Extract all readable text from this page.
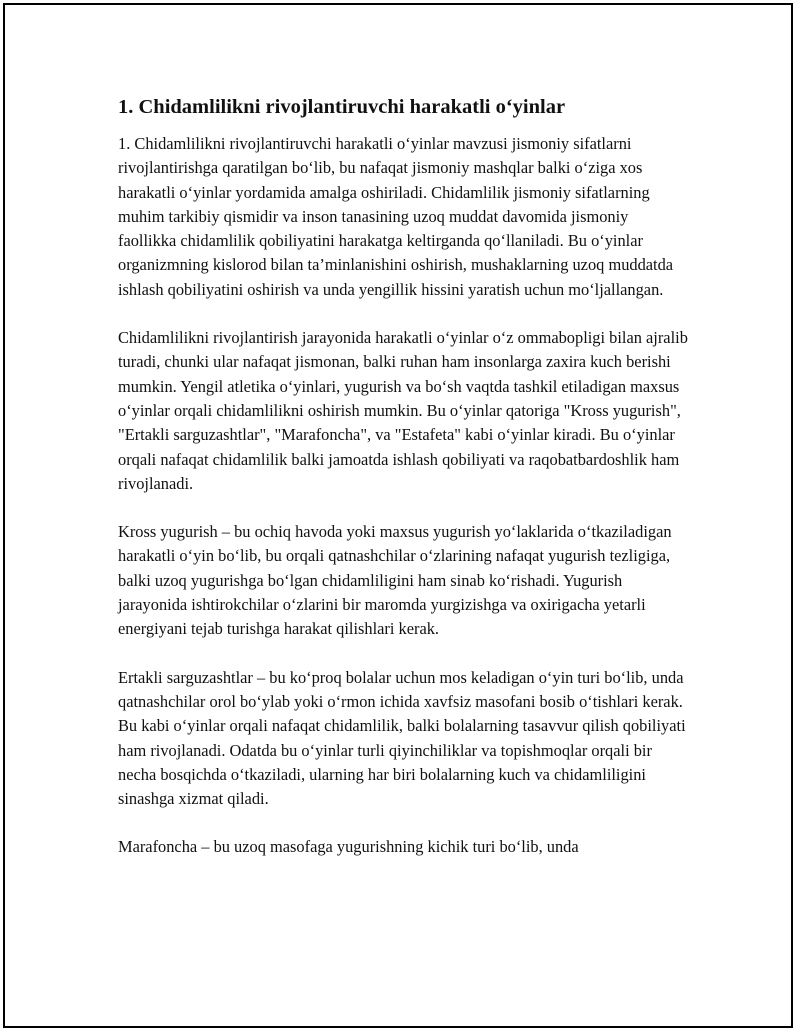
1. Chidamlilikni rivojlantiruvchi harakatli o‘yinlar

1. Chidamlilikni rivojlantiruvchi harakatli o‘yinlar mavzusi jismoniy sifatlarni rivojlantirishga qaratilgan bo‘lib, bu nafaqat jismoniy mashqlar balki o‘ziga xos harakatli o‘yinlar yordamida amalga oshiriladi. Chidamlilik jismoniy sifatlarning muhim tarkibiy qismidir va inson tanasining uzoq muddat davomida jismoniy faollikka chidamlilik qobiliyatini harakatga keltirganda qo‘llaniladi. Bu o‘yinlar organizmning kislorod bilan ta’minlanishini oshirish, mushaklarning uzoq muddatda ishlash qobiliyatini oshirish va unda yengillik hissini yaratish uchun mo‘ljallangan.

Chidamlilikni rivojlantirish jarayonida harakatli o‘yinlar o‘z ommabopligi bilan ajralib turadi, chunki ular nafaqat jismonan, balki ruhan ham insonlarga zaxira kuch berishi mumkin. Yengil atletika o‘yinlari, yugurish va bo‘sh vaqtda tashkil etiladigan maxsus o‘yinlar orqali chidamlilikni oshirish mumkin. Bu o‘yinlar qatoriga "Kross yugurish", "Ertakli sarguzashtlar", "Marafoncha", va "Estafeta" kabi o‘yinlar kiradi. Bu o‘yinlar orqali nafaqat chidamlilik balki jamoatda ishlash qobiliyati va raqobatbardoshlik ham rivojlanadi.

Kross yugurish – bu ochiq havoda yoki maxsus yugurish yo‘laklarida o‘tkaziladigan harakatli o‘yin bo‘lib, bu orqali qatnashchilar o‘zlarining nafaqat yugurish tezligiga, balki uzoq yugurishga bo‘lgan chidamliligini ham sinab ko‘rishadi. Yugurish jarayonida ishtirokchilar o‘zlarini bir maromda yurgizishga va oxirigacha yetarli energiyani tejab turishga harakat qilishlari kerak.

Ertakli sarguzashtlar – bu ko‘proq bolalar uchun mos keladigan o‘yin turi bo‘lib, unda qatnashchilar orol bo‘ylab yoki o‘rmon ichida xavfsiz masofani bosib o‘tishlari kerak. Bu kabi o‘yinlar orqali nafaqat chidamlilik, balki bolalarning tasavvur qilish qobiliyati ham rivojlanadi. Odatda bu o‘yinlar turli qiyinchiliklar va topishmoqlar orqali bir necha bosqichda o‘tkaziladi, ularning har biri bolalarning kuch va chidamliligini sinashga xizmat qiladi.

Marafoncha – bu uzoq masofaga yugurishning kichik turi bo‘lib, unda
